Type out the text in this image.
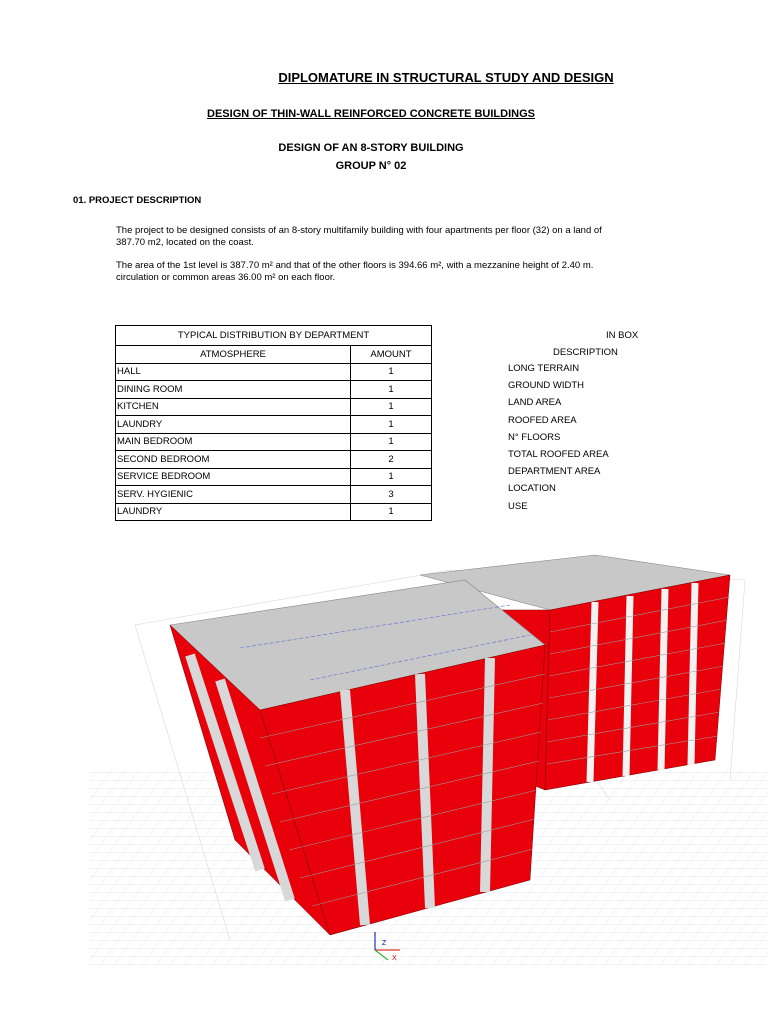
DIPLOMATURE IN STRUCTURAL STUDY AND DESIGN
DESIGN OF THIN-WALL REINFORCED CONCRETE BUILDINGS
DESIGN OF AN 8-STORY BUILDING
GROUP N° 02
01. PROJECT DESCRIPTION
The project to be designed consists of an 8-story multifamily building with four apartments per floor (32) on a land of
387.70 m2, located on the coast.
The area of the 1st level is 387.70 m² and that of the other floors is 394.66 m², with a mezzanine height of 2.40 m.
circulation or common areas 36.00 m² on each floor.
TYPICAL DISTRIBUTION BY DEPARTMENT	
ATMOSPHERE	AMOUNT
HALL	1
DINING ROOM	1
KITCHEN	1
LAUNDRY	1
MAIN BEDROOM	1
SECOND BEDROOM	2
SERVICE BEDROOM	1
SERV. HYGIENIC	3
LAUNDRY	1
IN BOX
DESCRIPTION
LONG TERRAIN
GROUND WIDTH
LAND AREA
ROOFED AREA
N° FLOORS
TOTAL ROOFED AREA
DEPARTMENT AREA
LOCATION
USE
Z
X
